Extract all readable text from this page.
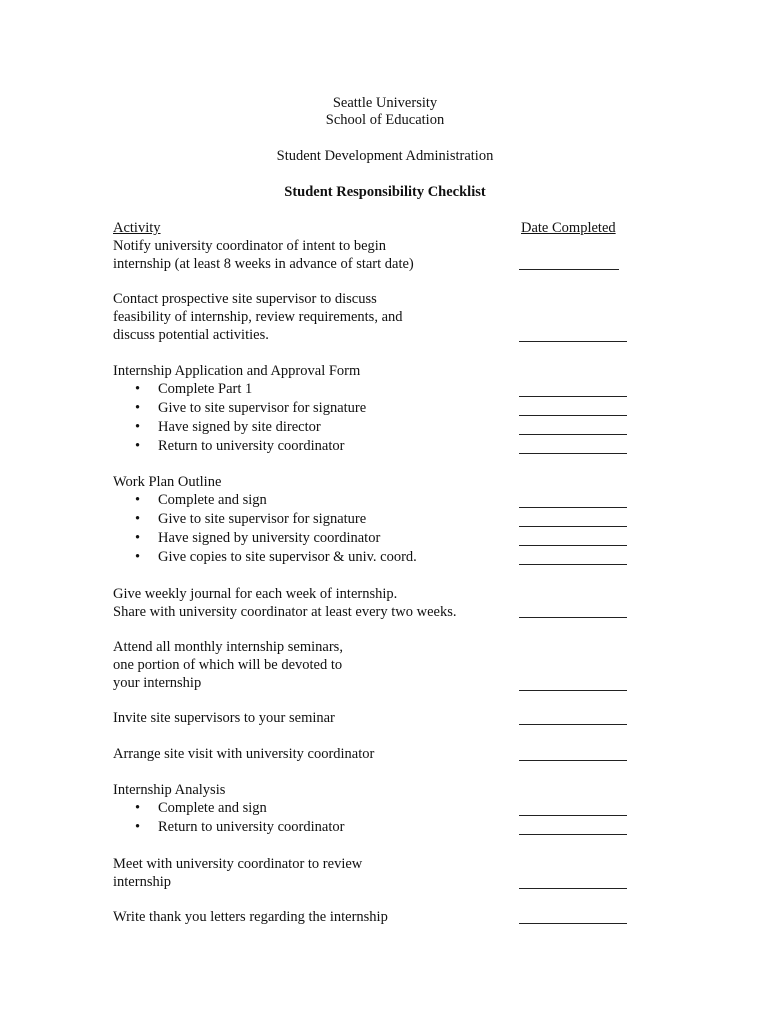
Seattle University
School of Education
Student Development Administration
Student Responsibility Checklist
Activity	Date Completed
Notify university coordinator of intent to begin
internship (at least 8 weeks in advance of start date)
Contact prospective site supervisor to discuss
feasibility of internship, review requirements, and
discuss potential activities.
Internship Application and Approval Form
• Complete Part 1
• Give to site supervisor for signature
• Have signed by site director
• Return to university coordinator
Work Plan Outline
• Complete and sign
• Give to site supervisor for signature
• Have signed by university coordinator
• Give copies to site supervisor & univ. coord.
Give weekly journal for each week of internship.
Share with university coordinator at least every two weeks.
Attend all monthly internship seminars,
one portion of which will be devoted to
your internship
Invite site supervisors to your seminar
Arrange site visit with university coordinator
Internship Analysis
• Complete and sign
• Return to university coordinator
Meet with university coordinator to review
internship
Write thank you letters regarding the internship
